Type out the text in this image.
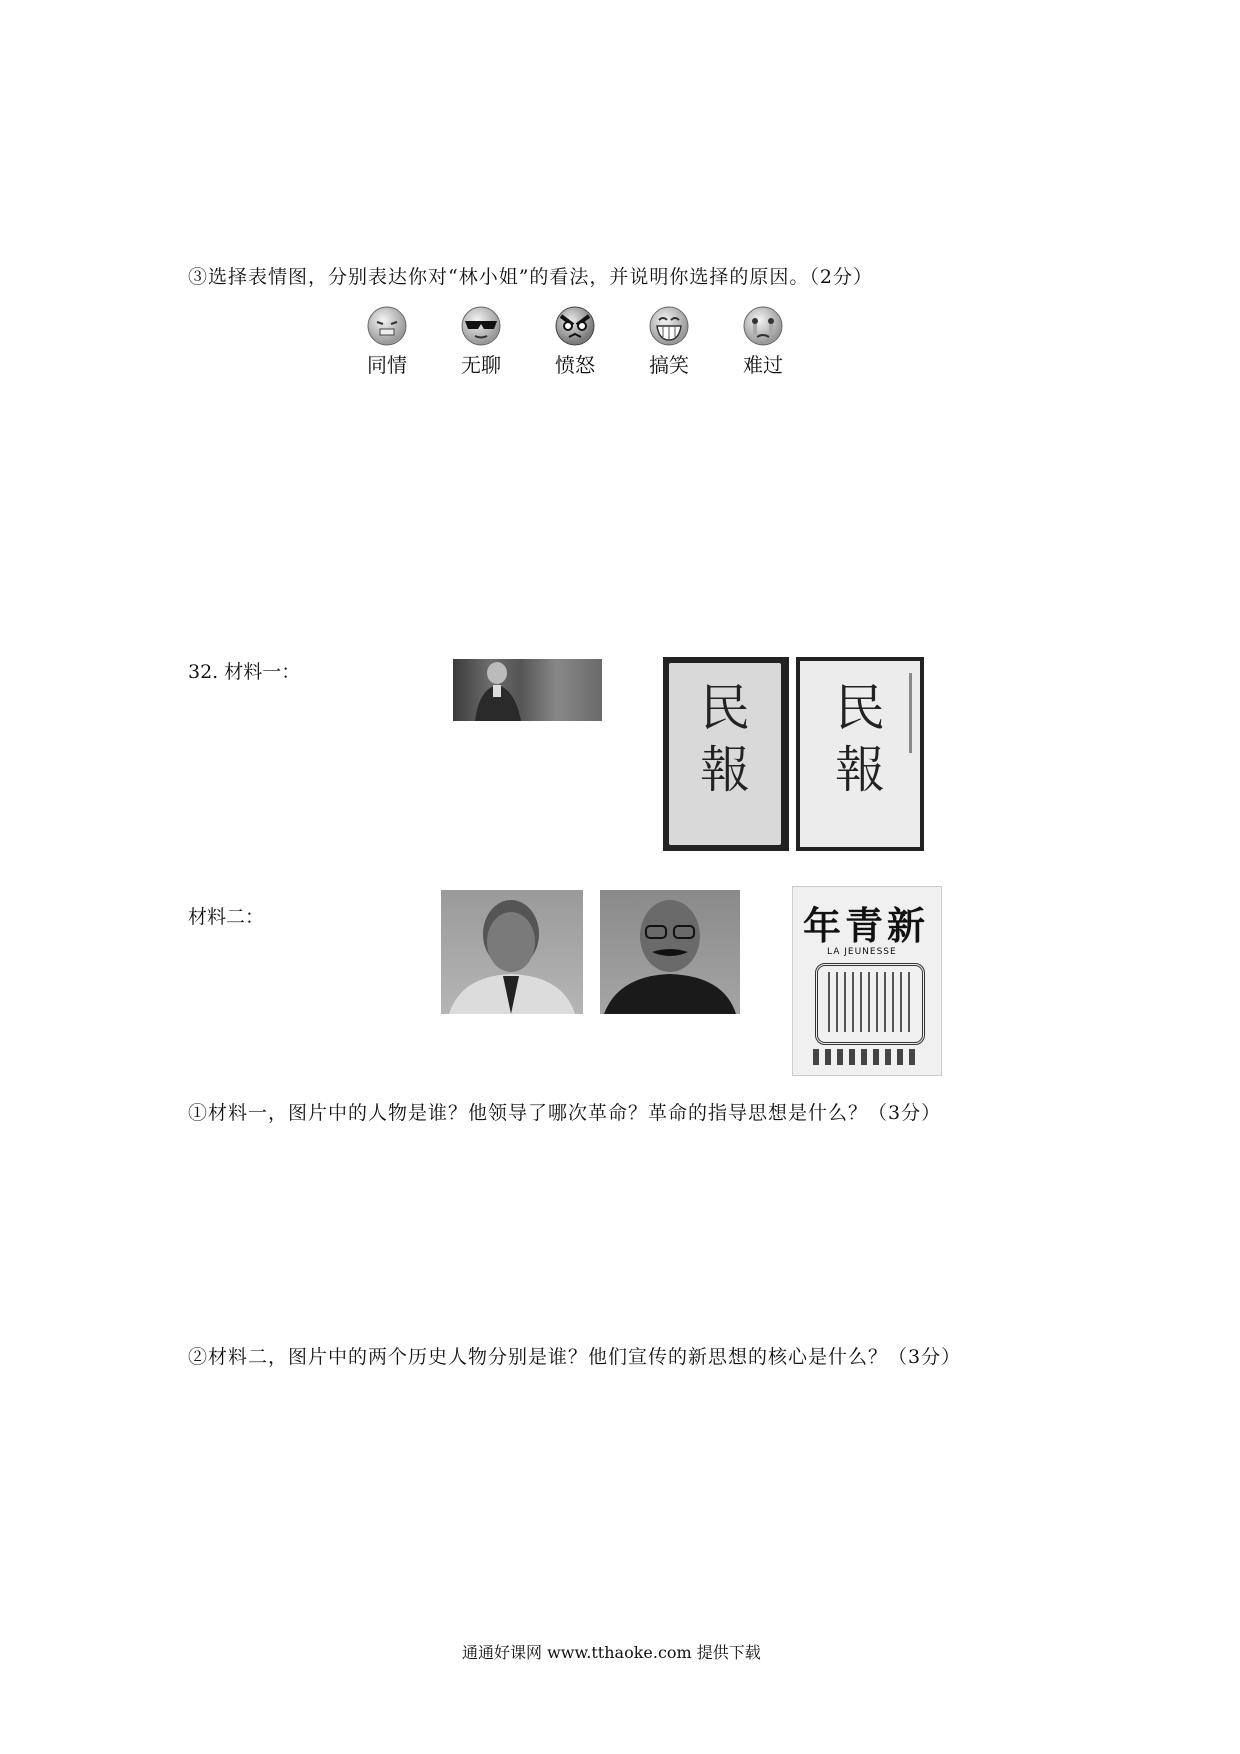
③选择表情图，分别表达你对“林小姐”的看法，并说明你选择的原因。（2分）
同情	无聊	愤怒	搞笑	难过
32. 材料一：
民
報
民
報
材料二：	年青新
LA JEUNESSE
①材料一，图片中的人物是谁？他领导了哪次革命？革命的指导思想是什么？（3分）
②材料二，图片中的两个历史人物分别是谁？他们宣传的新思想的核心是什么？（3分）
通通好课网 www.tthaoke.com 提供下载
